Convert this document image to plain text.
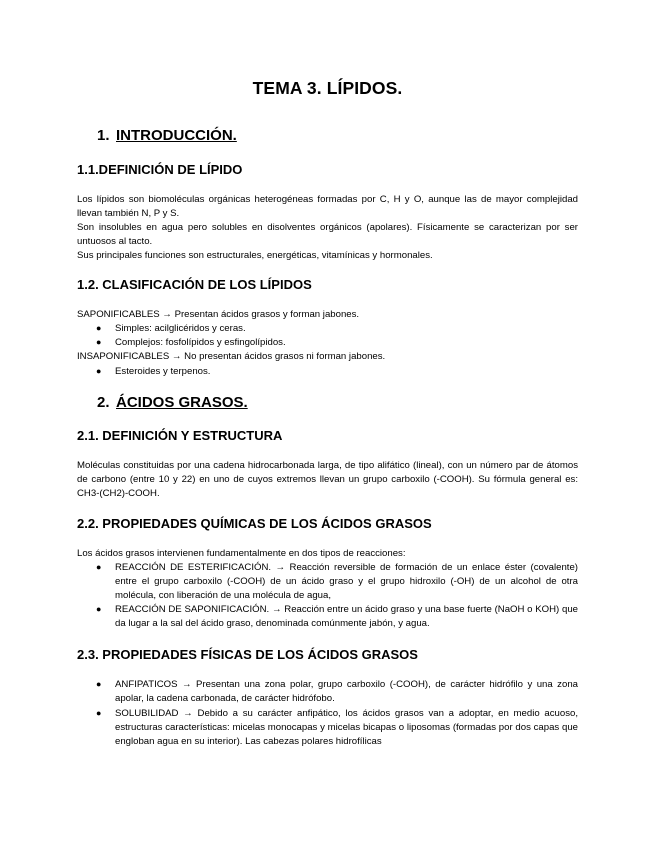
TEMA 3. LÍPIDOS.
1. INTRODUCCIÓN.
1.1.DEFINICIÓN DE LÍPIDO
Los lípidos son biomoléculas orgánicas heterogéneas formadas por C, H y O, aunque las de mayor complejidad llevan también N, P y S.
Son insolubles en agua pero solubles en disolventes orgánicos (apolares). Físicamente se caracterizan por ser untuosos al tacto.
Sus principales funciones son estructurales, energéticas, vitamínicas y hormonales.
1.2. CLASIFICACIÓN DE LOS LÍPIDOS
SAPONIFICABLES → Presentan ácidos grasos y forman jabones.
● Simples: acilglicéridos y ceras.
● Complejos: fosfolípidos y esfingolípidos.
INSAPONIFICABLES → No presentan ácidos grasos ni forman jabones.
● Esteroides y terpenos.
2. ÁCIDOS GRASOS.
2.1. DEFINICIÓN Y ESTRUCTURA
Moléculas constituidas por una cadena hidrocarbonada larga, de tipo alifático (lineal), con un número par de átomos de carbono (entre 10 y 22) en uno de cuyos extremos llevan un grupo carboxilo (-COOH). Su fórmula general es: CH3-(CH2)-COOH.
2.2. PROPIEDADES QUÍMICAS DE LOS ÁCIDOS GRASOS
Los ácidos grasos intervienen fundamentalmente en dos tipos de reacciones:
● REACCIÓN DE ESTERIFICACIÓN. → Reacción reversible de formación de un enlace éster (covalente) entre el grupo carboxilo (-COOH) de un ácido graso y el grupo hidroxilo (-OH) de un alcohol de otra molécula, con liberación de una molécula de agua,
● REACCIÓN DE SAPONIFICACIÓN. → Reacción entre un ácido graso y una base fuerte (NaOH o KOH) que da lugar a la sal del ácido graso, denominada comúnmente jabón, y agua.
2.3. PROPIEDADES FÍSICAS DE LOS ÁCIDOS GRASOS
● ANFIPATICOS → Presentan una zona polar, grupo carboxilo (-COOH), de carácter hidrófilo y una zona apolar, la cadena carbonada, de carácter hidrófobo.
● SOLUBILIDAD → Debido a su carácter anfipático, los ácidos grasos van a adoptar, en medio acuoso, estructuras características: micelas monocapas y micelas bicapas o liposomas (formadas por dos capas que engloban agua en su interior). Las cabezas polares hidrofílicas
